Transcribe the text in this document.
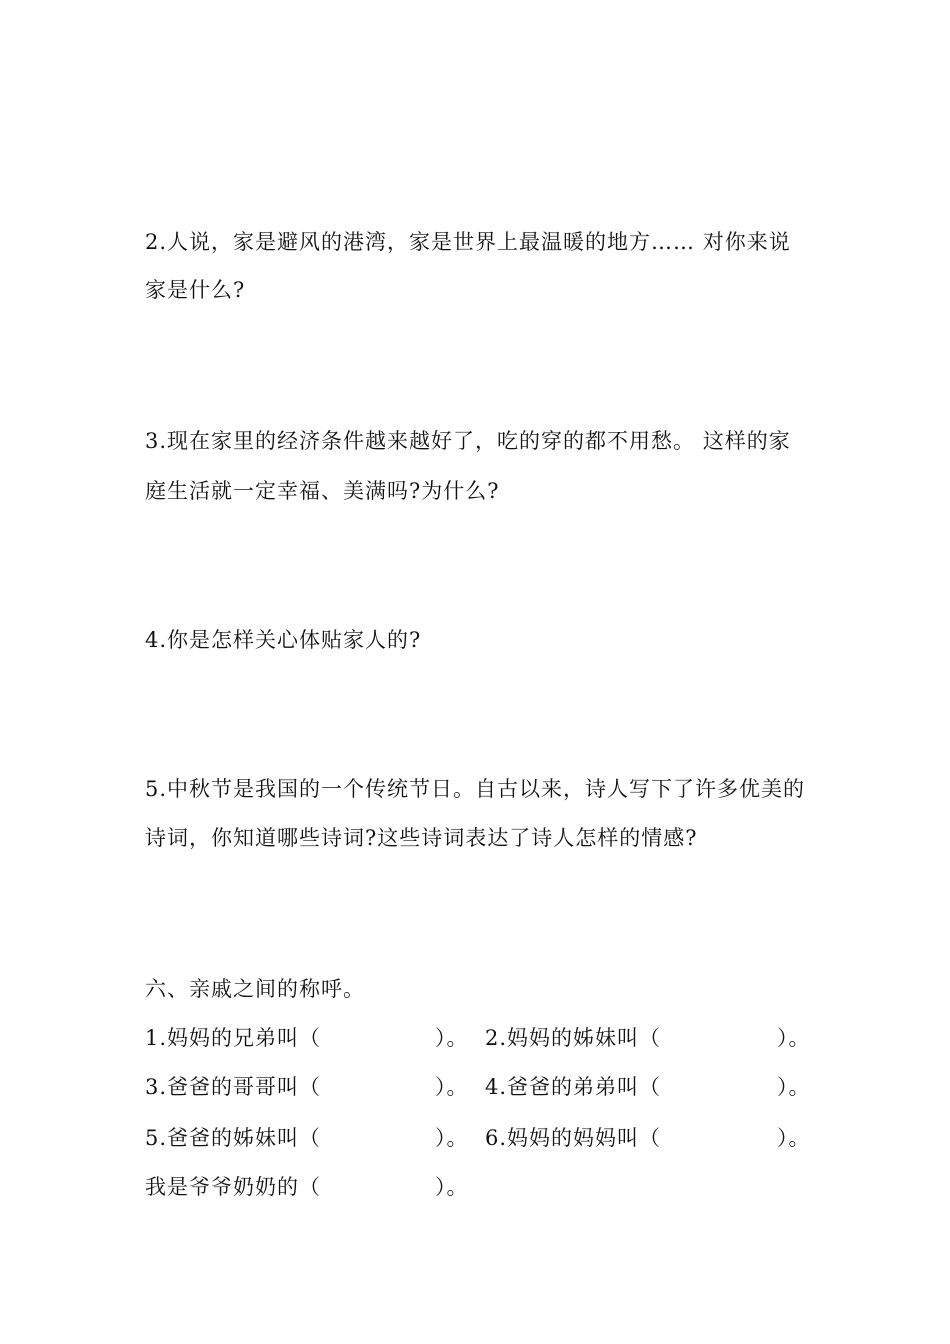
2.人说，家是避风的港湾，家是世界上最温暖的地方…… 对你来说
家是什么?
3.现在家里的经济条件越来越好了，吃的穿的都不用愁。 这样的家
庭生活就一定幸福、美满吗?为什么?
4.你是怎样关心体贴家人的?
5.中秋节是我国的一个传统节日。自古以来，诗人写下了许多优美的
诗词，你知道哪些诗词?这些诗词表达了诗人怎样的情感?
六、亲戚之间的称呼。
1.妈妈的兄弟叫（	）。 2.妈妈的姊妹叫（	）。
3.爸爸的哥哥叫（	）。 4.爸爸的弟弟叫（	）。
5.爸爸的姊妹叫（	）。 6.妈妈的妈妈叫（	）。
我是爷爷奶奶的（	）。
